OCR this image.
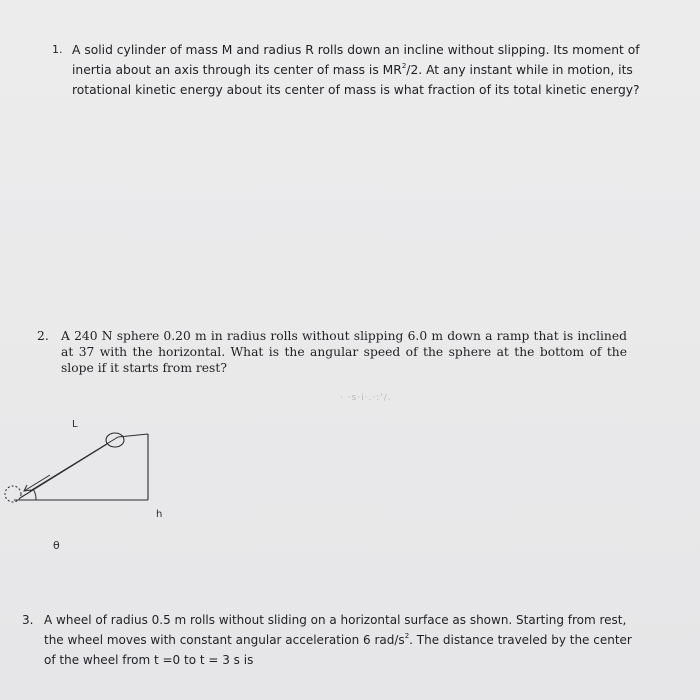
1. A solid cylinder of mass M and radius R rolls down an incline without slipping. Its moment of inertia about an axis through its center of mass is $MR^2/2$. At any instant while in motion, its rotational kinetic energy about its center of mass is what fraction of its total kinetic energy?
2. A 240 N sphere 0.20 m in radius rolls without slipping 6.0 m down a ramp that is inclined at 37 with the horizontal. What is the angular speed of the sphere at the bottom of the slope if it starts from rest?
· ·s·i·.·:'/.
L
h
θ
3. A wheel of radius 0.5 m rolls without sliding on a horizontal surface as shown. Starting from rest, the wheel moves with constant angular acceleration 6 rad/$s^2$. The distance traveled by the center of the wheel from t =0 to t = 3 s is
